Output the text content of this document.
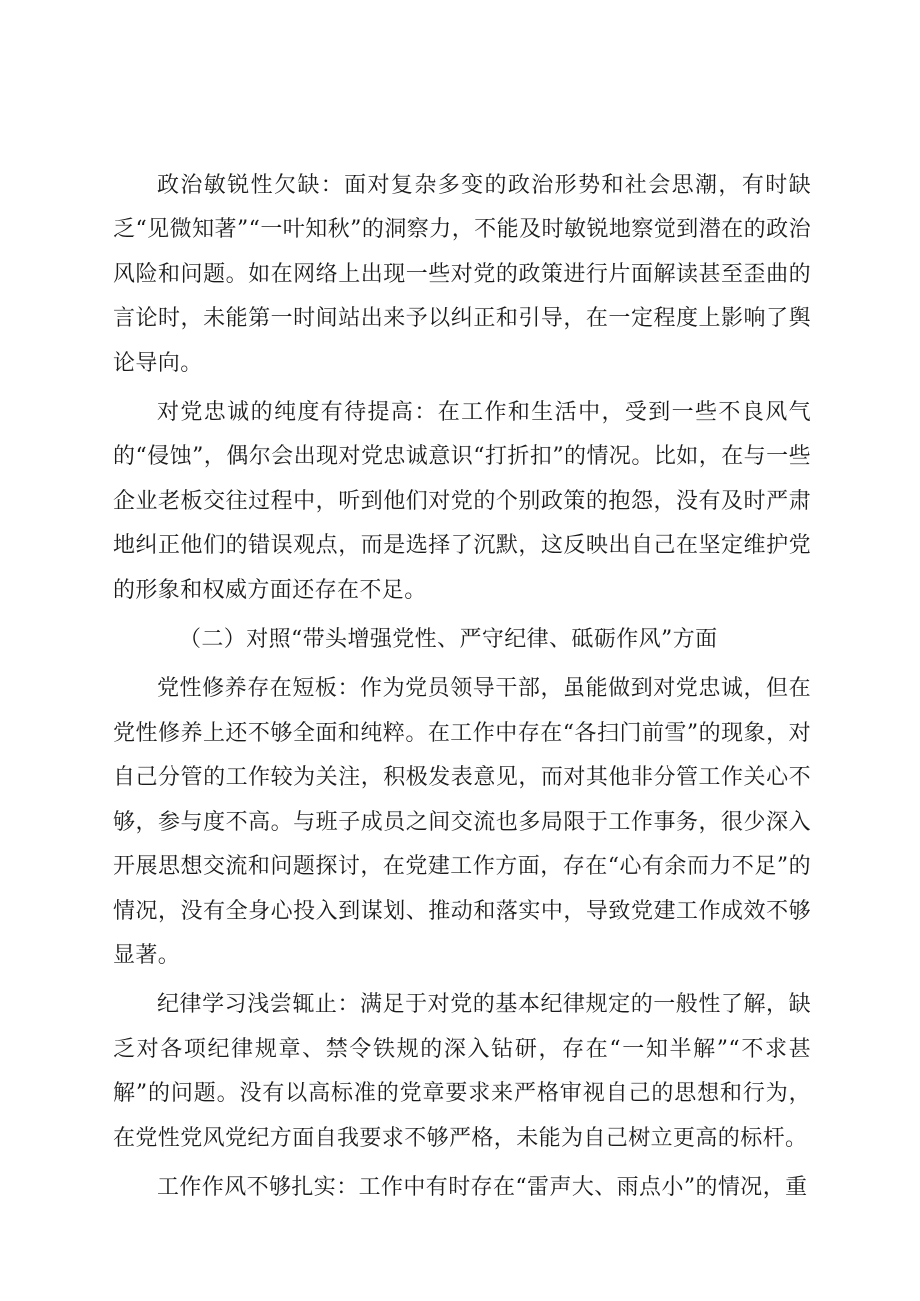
政治敏锐性欠缺：面对复杂多变的政治形势和社会思潮，有时缺乏“见微知著”“一叶知秋”的洞察力，不能及时敏锐地察觉到潜在的政治风险和问题。如在网络上出现一些对党的政策进行片面解读甚至歪曲的言论时，未能第一时间站出来予以纠正和引导，在一定程度上影响了舆论导向。

对党忠诚的纯度有待提高：在工作和生活中，受到一些不良风气的“侵蚀”，偶尔会出现对党忠诚意识“打折扣”的情况。比如，在与一些企业老板交往过程中，听到他们对党的个别政策的抱怨，没有及时严肃地纠正他们的错误观点，而是选择了沉默，这反映出自己在坚定维护党的形象和权威方面还存在不足。

（二）对照“带头增强党性、严守纪律、砥砺作风”方面

党性修养存在短板：作为党员领导干部，虽能做到对党忠诚，但在党性修养上还不够全面和纯粹。在工作中存在“各扫门前雪”的现象，对自己分管的工作较为关注，积极发表意见，而对其他非分管工作关心不够，参与度不高。与班子成员之间交流也多局限于工作事务，很少深入开展思想交流和问题探讨，在党建工作方面，存在“心有余而力不足”的情况，没有全身心投入到谋划、推动和落实中，导致党建工作成效不够显著。

纪律学习浅尝辄止：满足于对党的基本纪律规定的一般性了解，缺乏对各项纪律规章、禁令铁规的深入钻研，存在“一知半解”“不求甚解”的问题。没有以高标准的党章要求来严格审视自己的思想和行为，在党性党风党纪方面自我要求不够严格，未能为自己树立更高的标杆。

工作作风不够扎实：工作中有时存在“雷声大、雨点小”的情况，重
